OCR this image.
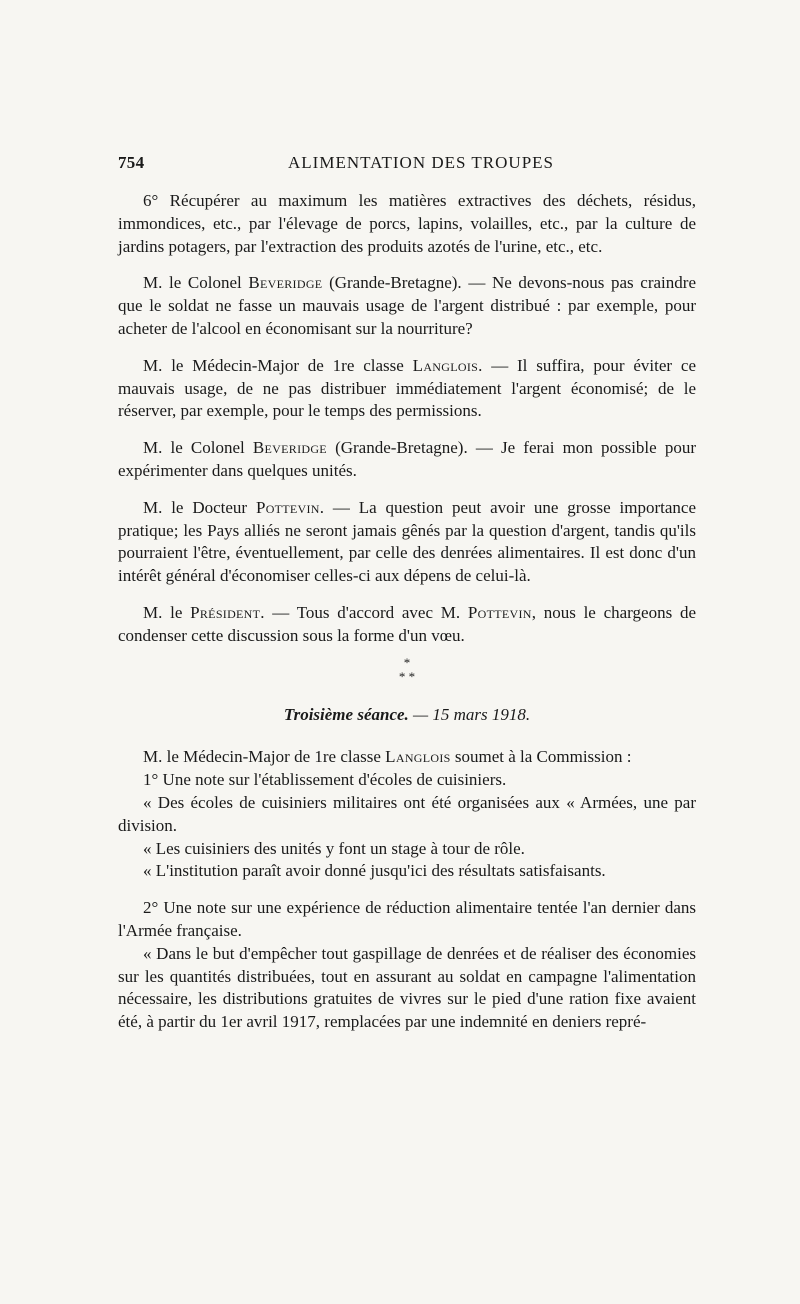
754	ALIMENTATION DES TROUPES

6° Récupérer au maximum les matières extractives des déchets, résidus, immondices, etc., par l'élevage de porcs, lapins, volailles, etc., par la culture de jardins potagers, par l'extraction des produits azotés de l'urine, etc., etc.

M. le Colonel Beveridge (Grande-Bretagne). — Ne devons-nous pas craindre que le soldat ne fasse un mauvais usage de l'argent distribué : par exemple, pour acheter de l'alcool en économisant sur la nourriture?

M. le Médecin-Major de 1re classe Langlois. — Il suffira, pour éviter ce mauvais usage, de ne pas distribuer immédiatement l'argent économisé; de le réserver, par exemple, pour le temps des permissions.

M. le Colonel Beveridge (Grande-Bretagne). — Je ferai mon possible pour expérimenter dans quelques unités.

M. le Docteur Pottevin. — La question peut avoir une grosse importance pratique; les Pays alliés ne seront jamais gênés par la question d'argent, tandis qu'ils pourraient l'être, éventuellement, par celle des denrées alimentaires. Il est donc d'un intérêt général d'économiser celles-ci aux dépens de celui-là.

M. le Président. — Tous d'accord avec M. Pottevin, nous le chargeons de condenser cette discussion sous la forme d'un vœu.

*
* *
Troisième séance. — 15 mars 1918.

M. le Médecin-Major de 1re classe Langlois soumet à la Commission :

1° Une note sur l'établissement d'écoles de cuisiniers.

« Des écoles de cuisiniers militaires ont été organisées aux « Armées, une par division.

« Les cuisiniers des unités y font un stage à tour de rôle.

« L'institution paraît avoir donné jusqu'ici des résultats satisfaisants.

2° Une note sur une expérience de réduction alimentaire tentée l'an dernier dans l'Armée française.

« Dans le but d'empêcher tout gaspillage de denrées et de réaliser des économies sur les quantités distribuées, tout en assurant au soldat en campagne l'alimentation nécessaire, les distributions gratuites de vivres sur le pied d'une ration fixe avaient été, à partir du 1er avril 1917, remplacées par une indemnité en deniers repré-
